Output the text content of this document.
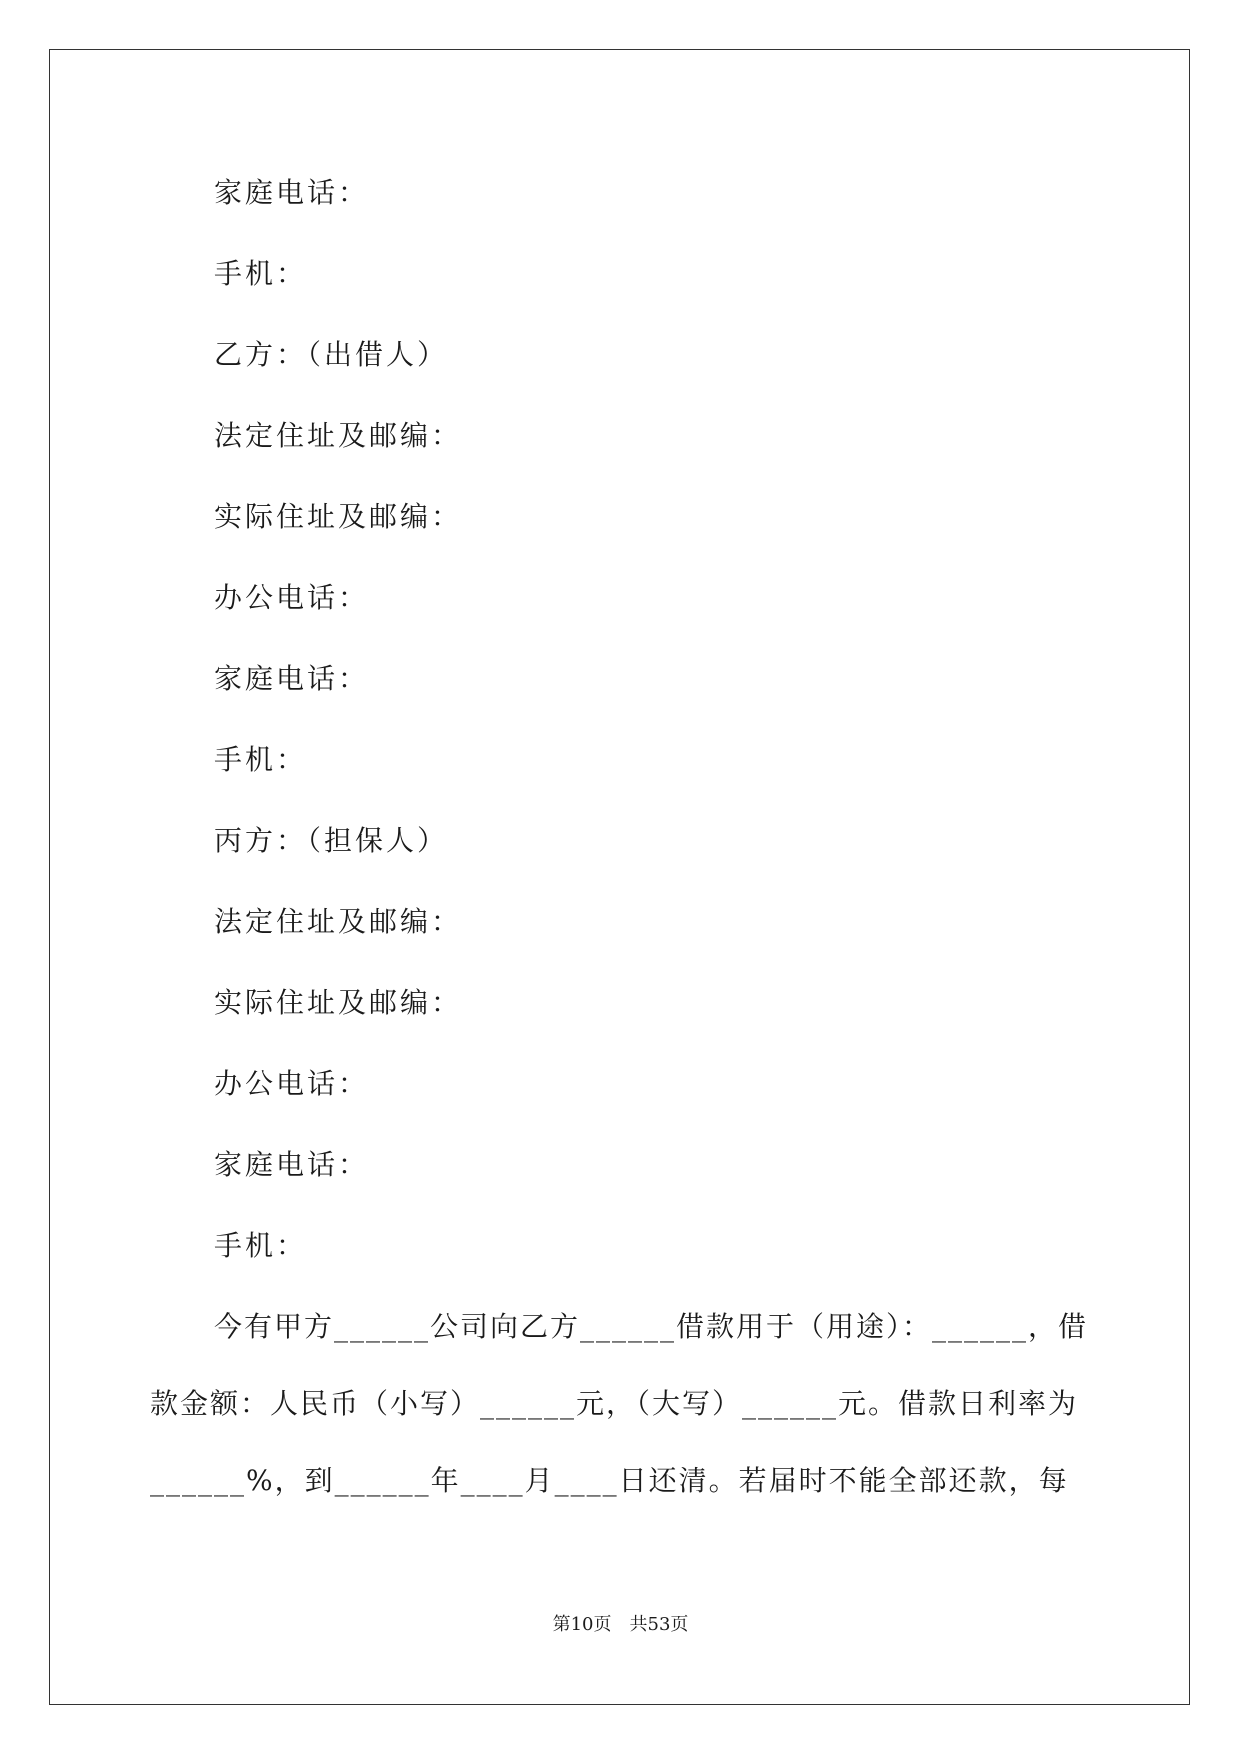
家庭电话：
手机：
乙方：（出借人）
法定住址及邮编：
实际住址及邮编：
办公电话：
家庭电话：
手机：
丙方：（担保人）
法定住址及邮编：
实际住址及邮编：
办公电话：
家庭电话：
手机：
今有甲方______公司向乙方______借款用于（用途）：______，借
款金额：人民币（小写）______元，（大写）______元。借款日利率为
______%，到______年____月____日还清。若届时不能全部还款，每
第10页　共53页
